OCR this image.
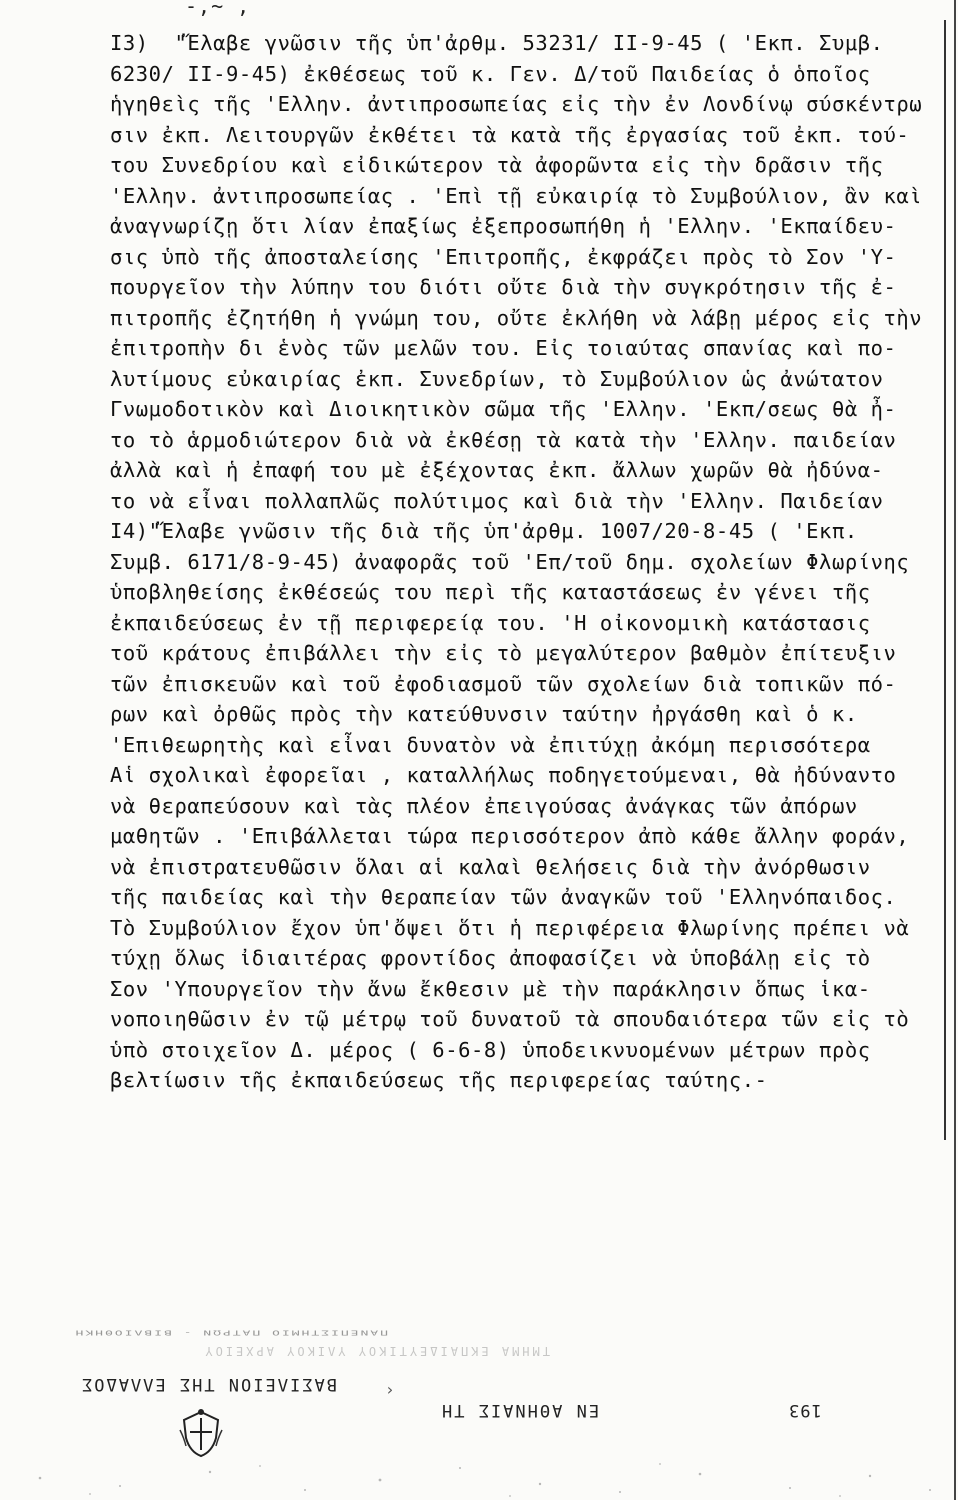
-,~ ,
I3)  "Ἔλαβε γνῶσιν τῆς ὑπ'ἀρθμ. 53231/ II-9-45 ( 'Εκπ. Συμβ.
6230/ II-9-45) ἐκθέσεως τοῦ κ. Γεν. Δ/τοῦ Παιδείας ὁ ὁποῖος
ἡγηθεὶς τῆς 'Ελλην. ἀντιπροσωπείας εἰς τὴν ἐν Λονδίνῳ σύσκέντρω
σιν ἐκπ. Λειτουργῶν ἐκθέτει τὰ κατὰ τῆς ἐργασίας τοῦ ἐκπ. τού-
του Συνεδρίου καὶ εἰδικώτερον τὰ ἀφορῶντα εἰς τὴν δρᾶσιν τῆς
'Ελλην. ἀντιπροσωπείας . 'Επὶ τῇ εὐκαιρίᾳ τὸ Συμβούλιον, ἂν καὶ
ἀναγνωρίζῃ ὅτι λίαν ἐπαξίως ἐξεπροσωπήθη ἡ 'Ελλην. 'Εκπαίδευ-
σις ὑπὸ τῆς ἀποσταλείσης 'Επιτροπῆς, ἐκφράζει πρὸς τὸ Σον 'Υ-
πουργεῖον τὴν λύπην του διότι οὔτε διὰ τὴν συγκρότησιν τῆς ἐ-
πιτροπῆς ἐζητήθη ἡ γνώμη του, οὔτε ἐκλήθη νὰ λάβῃ μέρος εἰς τὴν
ἐπιτροπὴν δι ἑνὸς τῶν μελῶν του. Εἰς τοιαύτας σπανίας καὶ πο-
λυτίμους εὐκαιρίας ἐκπ. Συνεδρίων, τὸ Συμβούλιον ὡς ἀνώτατον
Γνωμοδοτικὸν καὶ Διοικητικὸν σῶμα τῆς 'Ελλην. 'Εκπ/σεως θὰ ἦ-
το τὸ ἁρμοδιώτερον διὰ νὰ ἐκθέσῃ τὰ κατὰ τὴν 'Ελλην. παιδείαν
ἀλλὰ καὶ ἡ ἐπαφή του μὲ ἐξέχοντας ἐκπ. ἄλλων χωρῶν θὰ ἠδύνα-
το νὰ εἶναι πολλαπλῶς πολύτιμος καὶ διὰ τὴν 'Ελλην. Παιδείαν
I4)"Ἔλαβε γνῶσιν τῆς διὰ τῆς ὑπ'ἀρθμ. 1007/20-8-45 ( 'Εκπ.
Συμβ. 6171/8-9-45) ἀναφορᾶς τοῦ 'Επ/τοῦ δημ. σχολείων Φλωρίνης
ὑποβληθείσης ἐκθέσεώς του περὶ τῆς καταστάσεως ἐν γένει τῆς
ἐκπαιδεύσεως ἐν τῇ περιφερείᾳ του. 'Η οἰκονομικὴ κατάστασις
τοῦ κράτους ἐπιβάλλει τὴν εἰς τὸ μεγαλύτερον βαθμὸν ἐπίτευξιν
τῶν ἐπισκευῶν καὶ τοῦ ἐφοδιασμοῦ τῶν σχολείων διὰ τοπικῶν πό-
ρων καὶ ὀρθῶς πρὸς τὴν κατεύθυνσιν ταύτην ἠργάσθη καὶ ὁ κ.
'Επιθεωρητὴς καὶ εἶναι δυνατὸν νὰ ἐπιτύχῃ ἀκόμη περισσότερα
Αἱ σχολικαὶ ἐφορεῖαι , καταλλήλως ποδηγετούμεναι, θὰ ἠδύναντο
νὰ θεραπεύσουν καὶ τὰς πλέον ἐπειγούσας ἀνάγκας τῶν ἀπόρων
μαθητῶν . 'Επιβάλλεται τώρα περισσότερον ἀπὸ κάθε ἄλλην φοράν,
νὰ ἐπιστρατευθῶσιν ὅλαι αἱ καλαὶ θελήσεις διὰ τὴν ἀνόρθωσιν
τῆς παιδείας καὶ τὴν θεραπείαν τῶν ἀναγκῶν τοῦ 'Ελληνόπαιδος.
Τὸ Συμβούλιον ἔχον ὑπ'ὄψει ὅτι ἡ περιφέρεια Φλωρίνης πρέπει νὰ
τύχῃ ὅλως ἰδιαιτέρας φροντίδος ἀποφασίζει νὰ ὑποβάλῃ εἰς τὸ
Σον 'Υπουργεῖον τὴν ἄνω ἔκθεσιν μὲ τὴν παράκλησιν ὅπως ἱκα-
νοποιηθῶσιν ἐν τῷ μέτρῳ τοῦ δυνατοῦ τὰ σπουδαιότερα τῶν εἰς τὸ
ὑπὸ στοιχεῖον Δ. μέρος ( 6-6-8) ὑποδεικνυομένων μέτρων πρὸς
βελτίωσιν τῆς ἐκπαιδεύσεως τῆς περιφερείας ταύτης.-
ΠΑΝΕΠΙΣΤΗΜΙΟ ΠΑΤΡΩΝ - ΒΙΒΛΙΟΘΗΚΗ
ΤΜΗΜΑ ΕΚΠΑΙΔΕΥΤΙΚΟΥ ΥΛΙΚΟΥ ΑΡΧΕΙΟΥ
ΒΑΣΙΛΕΙΟΝ ΤΗΣ ΕΛΛΑΔΟΣ	›
ΕΝ ΑΘΗΝΑΙΣ ΤΗ	193
